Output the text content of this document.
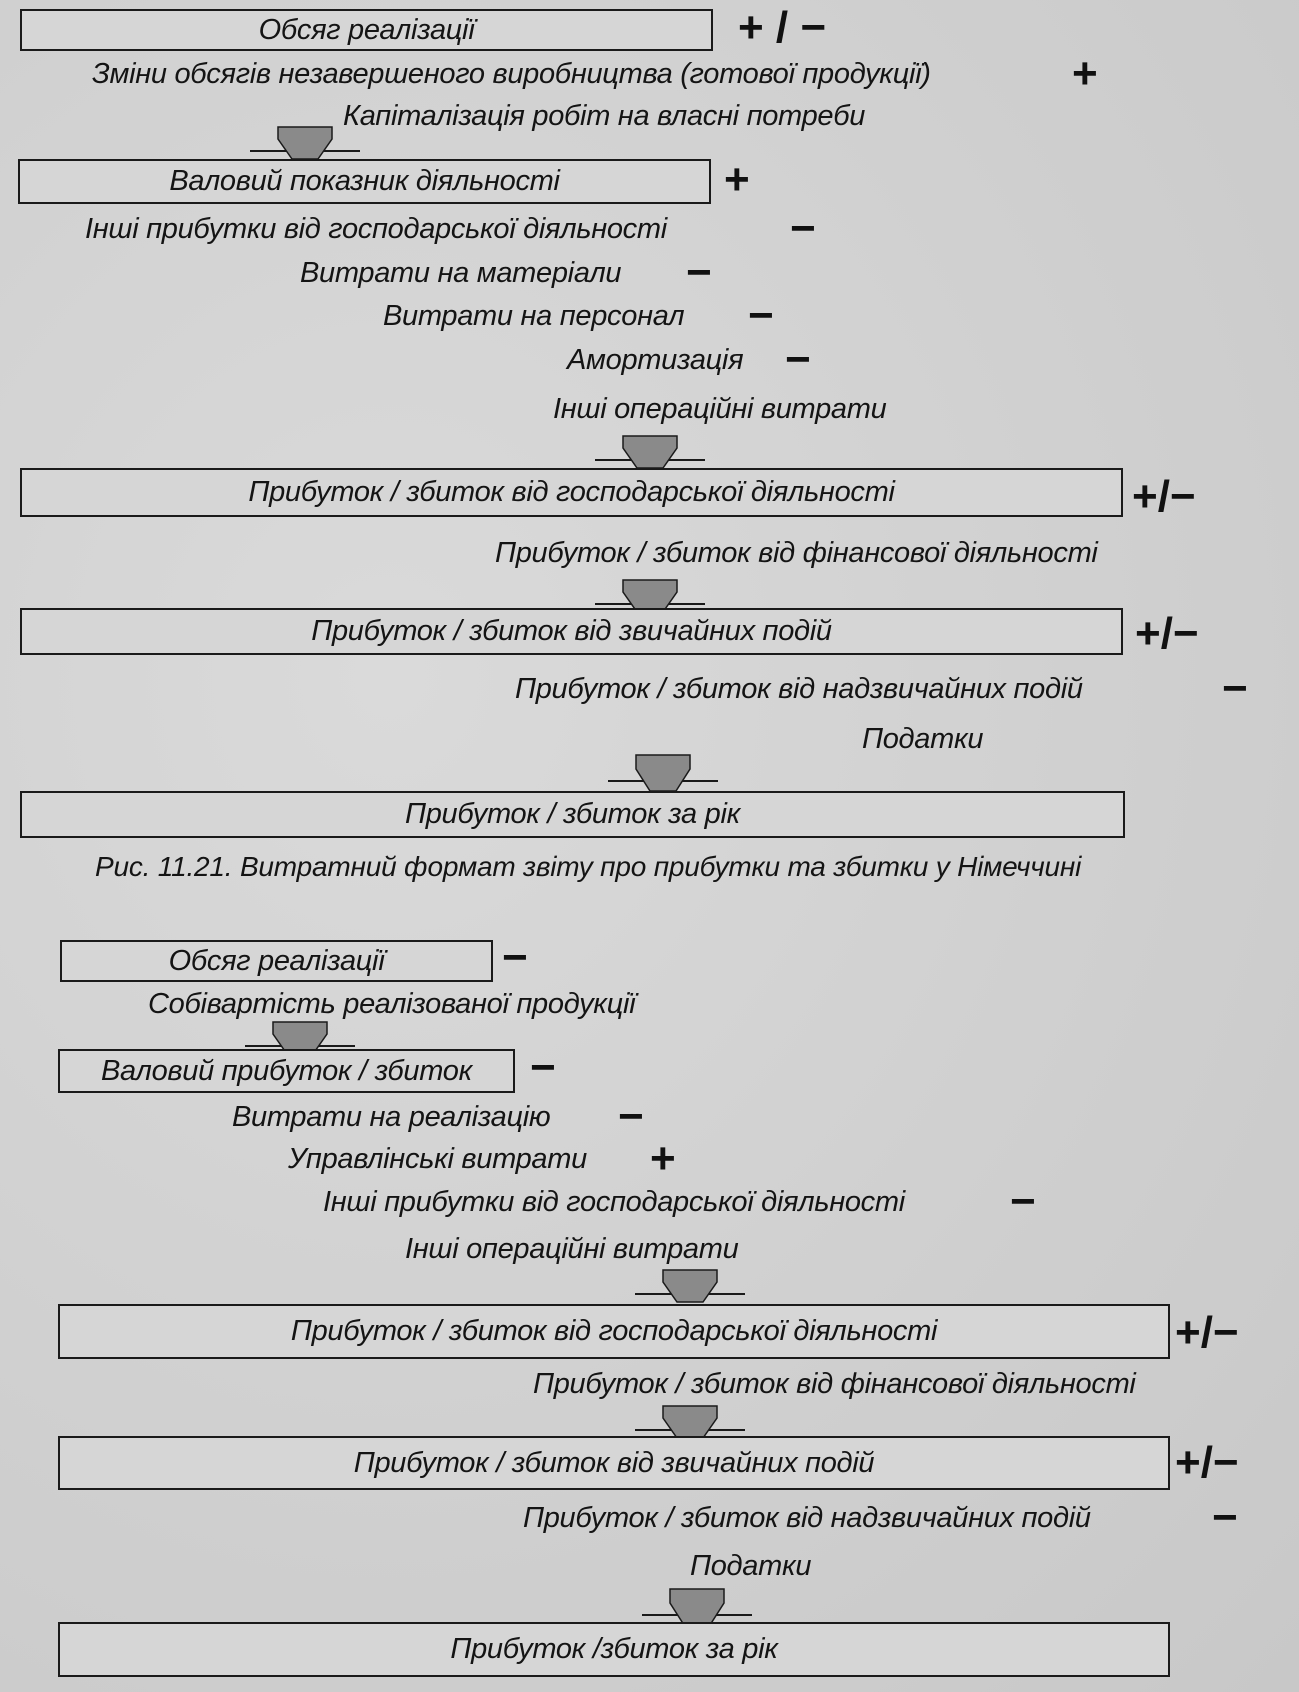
Обсяг реалізації	+ / −
Зміни обсягів незавершеного виробництва (готової продукції)	+
Капіталізація робіт на власні потреби
Валовий показник діяльності	+
Інші прибутки від господарської діяльності	−
Витрати на матеріали −
Витрати на персонал −
Амортизація −
Інші операційні витрати
Прибуток / збиток від господарської діяльності	+/−
Прибуток / збиток від фінансової діяльності
Прибуток / збиток від звичайних подій	+/−
Прибуток / збиток від надзвичайних подій	−
Податки
Прибуток / збиток за рік
Рис. 11.21. Витратний формат звіту про прибутки та збитки у Німеччині
Обсяг реалізації	−
Собівартість реалізованої продукції
Валовий прибуток / збиток	−
Витрати на реалізацію −
Управлінські витрати +
Інші прибутки від господарської діяльності −
Інші операційні витрати
Прибуток / збиток від господарської діяльності	+/−
Прибуток / збиток від фінансової діяльності
Прибуток / збиток від звичайних подій	+/−
Прибуток / збиток від надзвичайних подій	−
Податки
Прибуток /збиток за рік
